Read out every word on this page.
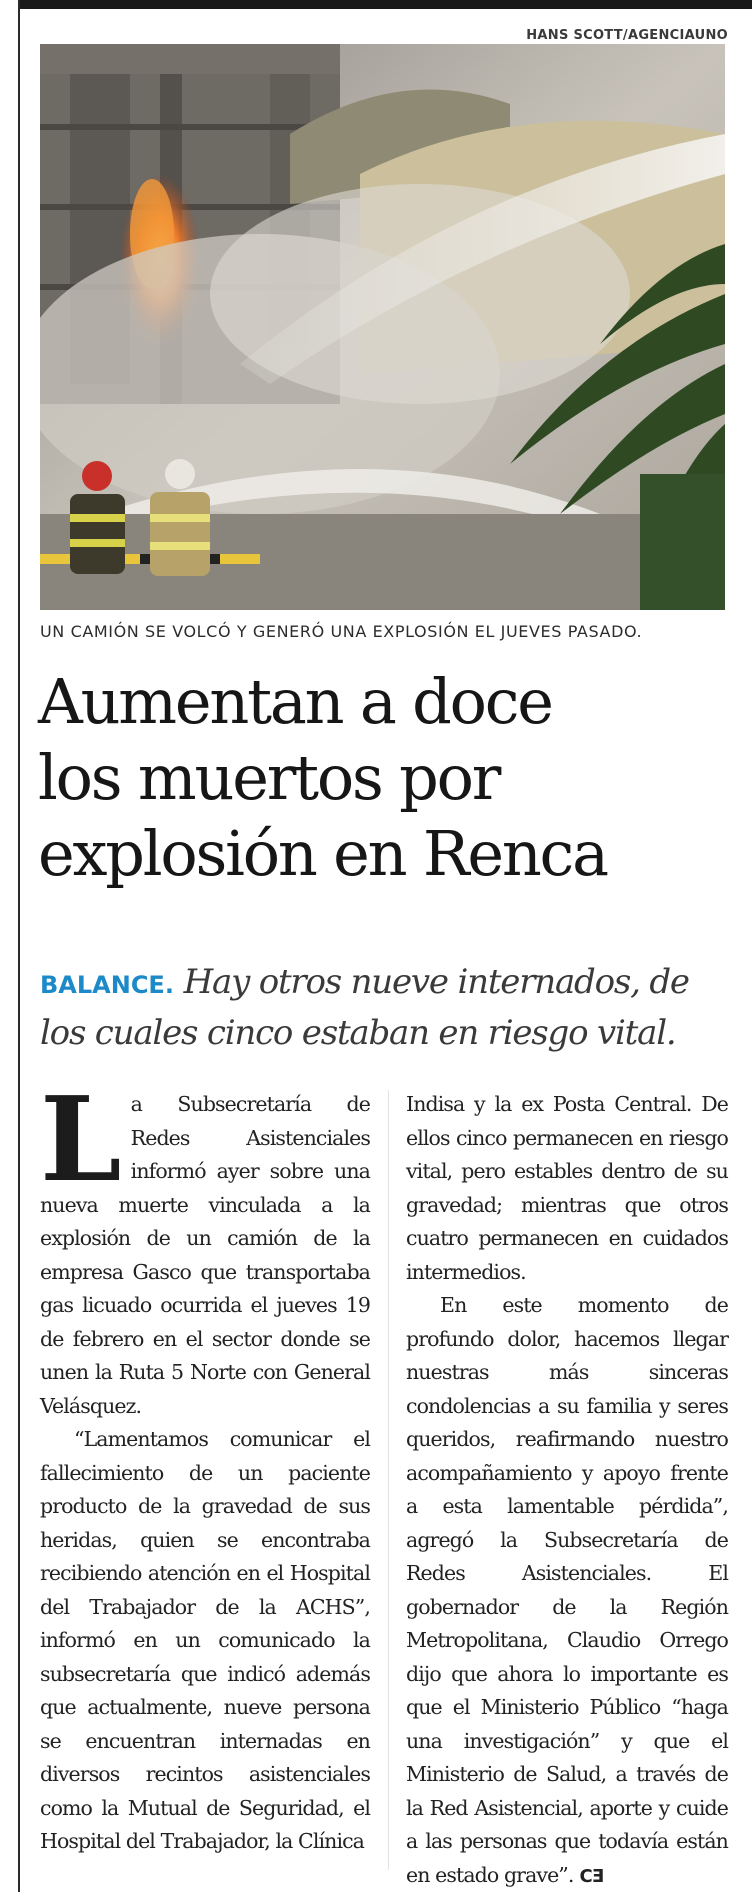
HANS SCOTT/AGENCIAUNO
UN CAMIÓN SE VOLCÓ Y GENERÓ UNA EXPLOSIÓN EL JUEVES PASADO.
Aumentan a doce
los muertos por
explosión en Renca
BALANCE. Hay otros nueve internados, de los cuales cinco estaban en riesgo vital.

La Subsecretaría de Redes Asistenciales informó ayer sobre una nueva muerte vinculada a la explosión de un camión de la empresa Gasco que transportaba gas licuado ocurrida el jueves 19 de febrero en el sector donde se unen la Ruta 5 Norte con General Velásquez.

“Lamentamos comunicar el fallecimiento de un paciente producto de la gravedad de sus heridas, quien se encontraba recibiendo atención en el Hospital del Trabajador de la ACHS”, informó en un comunicado la subsecretaría que indicó además que actualmente, nueve persona se encuentran internadas en diversos recintos asistenciales como la Mutual de Seguridad, el Hospital del Trabajador, la Clínica

Indisa y la ex Posta Central. De ellos cinco permanecen en riesgo vital, pero estables dentro de su gravedad; mientras que otros cuatro permanecen en cuidados intermedios.

En este momento de profundo dolor, hacemos llegar nuestras más sinceras condolencias a su familia y seres queridos, reafirmando nuestro acompañamiento y apoyo frente a esta lamentable pérdida”, agregó la Subsecretaría de Redes Asistenciales. El gobernador de la Región Metropolitana, Claudio Orrego dijo que ahora lo importante es que el Ministerio Público “haga una investigación” y que el Ministerio de Salud, a través de la Red Asistencial, aporte y cuide a las personas que todavía están en estado grave”. CƎ
